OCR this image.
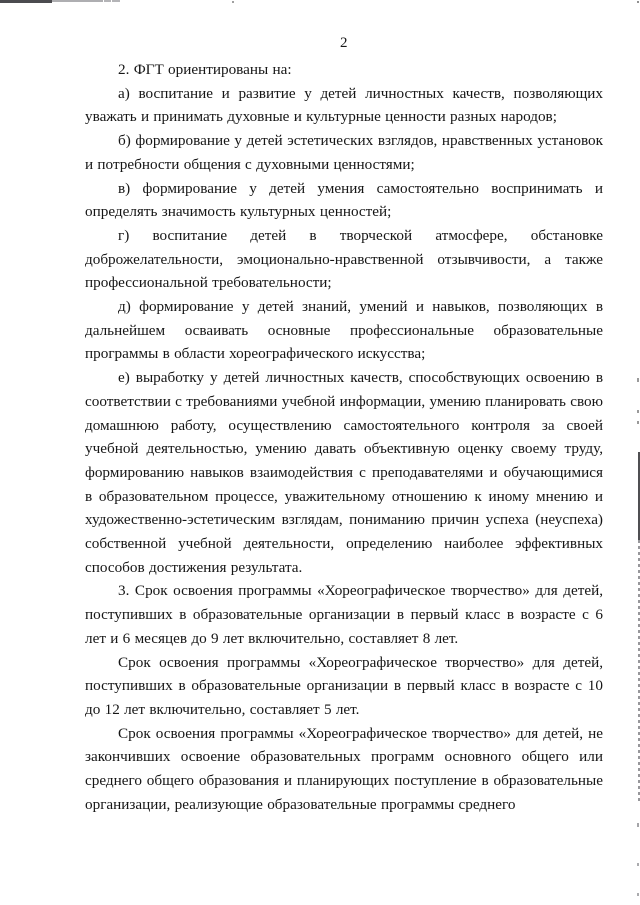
2

2. ФГТ ориентированы на:

а) воспитание и развитие у детей личностных качеств, позволяющих уважать и принимать духовные и культурные ценности разных народов;

б) формирование у детей эстетических взглядов, нравственных установок и потребности общения с духовными ценностями;

в) формирование у детей умения самостоятельно воспринимать и определять значимость культурных ценностей;

г) воспитание детей в творческой атмосфере, обстановке доброжелательности, эмоционально-нравственной отзывчивости, а также профессиональной требовательности;

д) формирование у детей знаний, умений и навыков, позволяющих в дальнейшем осваивать основные профессиональные образовательные программы в области хореографического искусства;

е) выработку у детей личностных качеств, способствующих освоению в соответствии с требованиями учебной информации, умению планировать свою домашнюю работу, осуществлению самостоятельного контроля за своей учебной деятельностью, умению давать объективную оценку своему труду, формированию навыков взаимодействия с преподавателями и обучающимися в образовательном процессе, уважительному отношению к иному мнению и художественно-эстетическим взглядам, пониманию причин успеха (неуспеха) собственной учебной деятельности, определению наиболее эффективных способов достижения результата.

3. Срок освоения программы «Хореографическое творчество» для детей, поступивших в образовательные организации в первый класс в возрасте с 6 лет и 6 месяцев до 9 лет включительно, составляет 8 лет.

Срок освоения программы «Хореографическое творчество» для детей, поступивших в образовательные организации в первый класс в возрасте с 10 до 12 лет включительно, составляет 5 лет.

Срок освоения программы «Хореографическое творчество» для детей, не закончивших освоение образовательных программ основного общего или среднего общего образования и планирующих поступление в образовательные организации, реализующие образовательные программы среднего
